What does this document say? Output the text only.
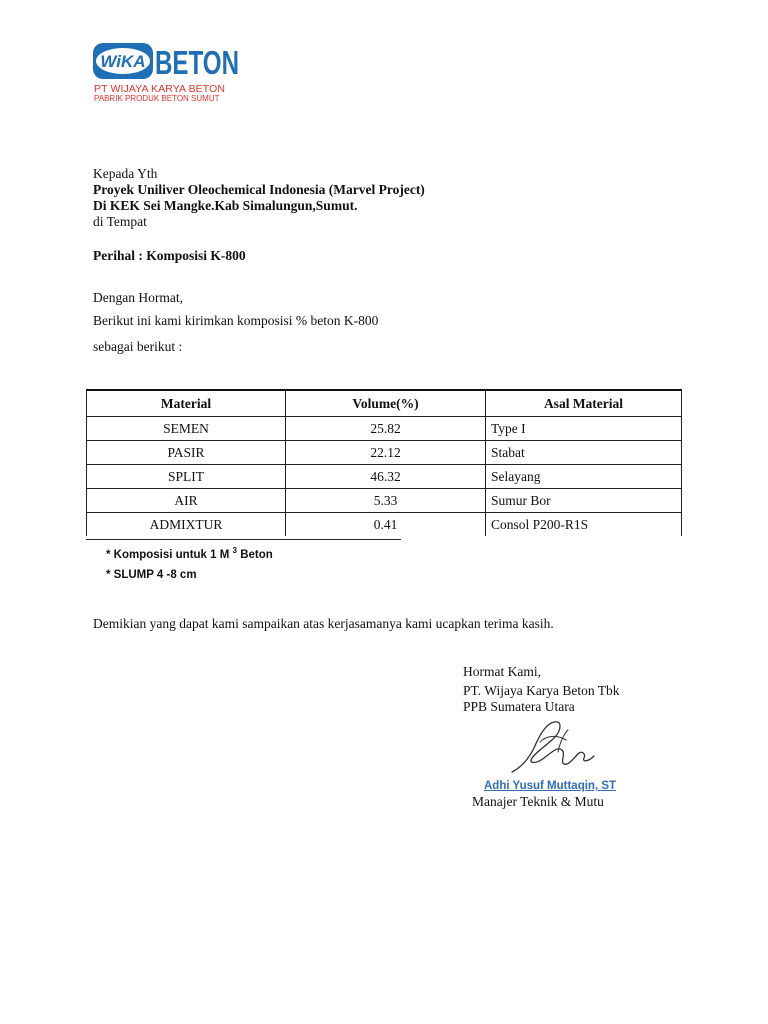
WiKA BETON
PT WIJAYA KARYA BETON
PABRIK PRODUK BETON SUMUT
Kepada Yth
Proyek Uniliver Oleochemical Indonesia (Marvel Project)
Di KEK Sei Mangke.Kab Simalungun,Sumut.
di Tempat
Perihal : Komposisi K-800
Dengan Hormat,
Berikut ini kami kirimkan komposisi % beton K-800
sebagai berikut :
Material	Volume(%)	Asal Material
SEMEN	25.82	Type I
PASIR	22.12	Stabat
SPLIT	46.32	Selayang
AIR	5.33	Sumur Bor
ADMIXTUR	0.41	Consol P200-R1S
* Komposisi untuk 1 M $^3$ Beton
* SLUMP 4 -8 cm
Demikian yang dapat kami sampaikan atas kerjasamanya kami ucapkan terima kasih.
Hormat Kami,
PT. Wijaya Karya Beton Tbk
PPB Sumatera Utara
Adhi Yusuf Muttaqin, ST
Manajer Teknik & Mutu
